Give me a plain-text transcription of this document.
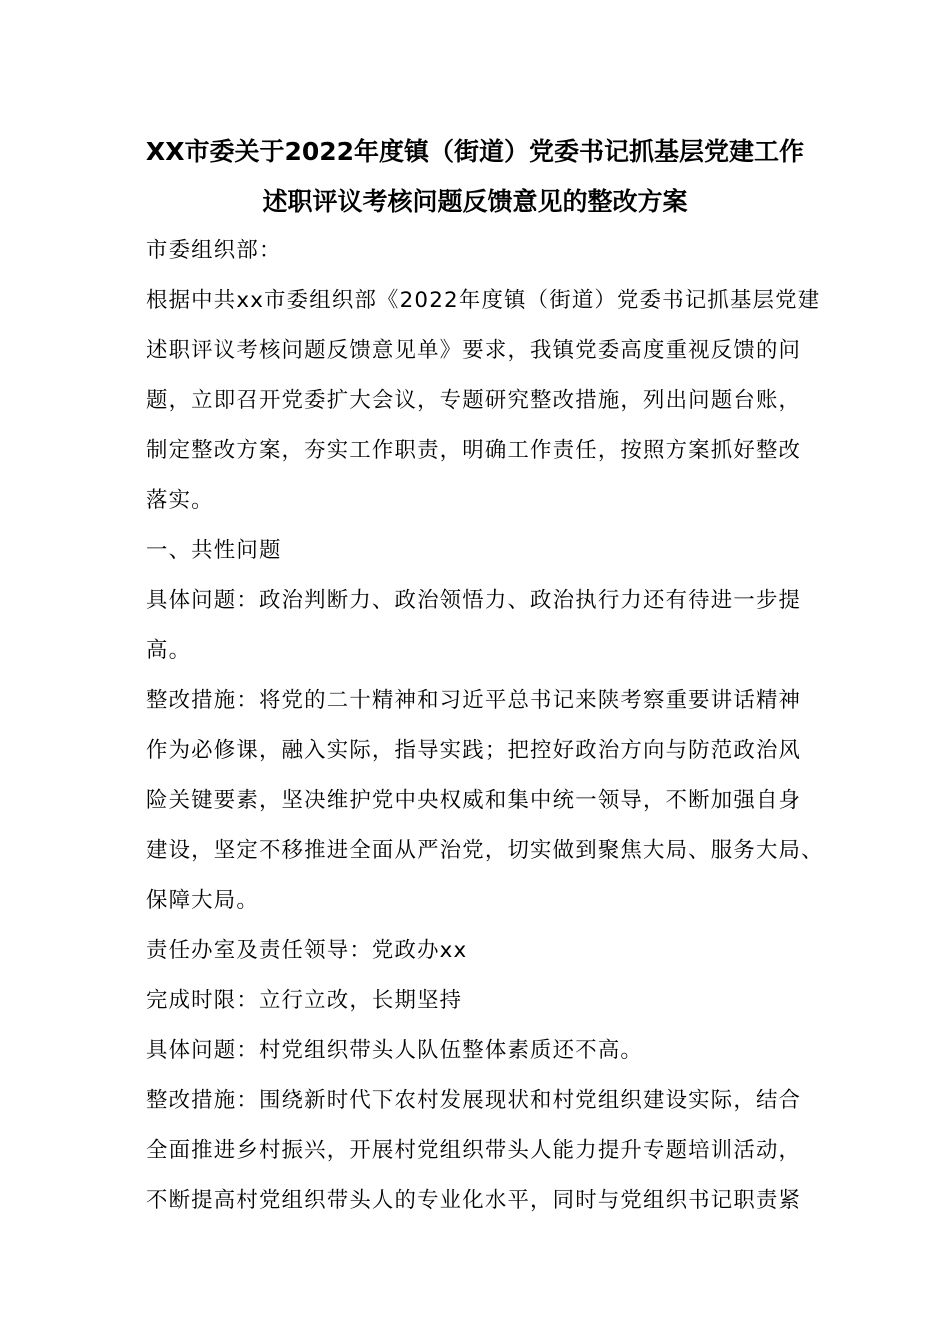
XX市委关于2022年度镇（街道）党委书记抓基层党建工作
述职评议考核问题反馈意见的整改方案
市委组织部：
根据中共xx市委组织部《2022年度镇（街道）党委书记抓基层党建
述职评议考核问题反馈意见单》要求，我镇党委高度重视反馈的问
题，立即召开党委扩大会议，专题研究整改措施，列出问题台账，
制定整改方案，夯实工作职责，明确工作责任，按照方案抓好整改
落实。
一、共性问题
具体问题：政治判断力、政治领悟力、政治执行力还有待进一步提
高。
整改措施：将党的二十精神和习近平总书记来陕考察重要讲话精神
作为必修课，融入实际，指导实践；把控好政治方向与防范政治风
险关键要素，坚决维护党中央权威和集中统一领导，不断加强自身
建设，坚定不移推进全面从严治党，切实做到聚焦大局、服务大局、
保障大局。
责任办室及责任领导：党政办xx
完成时限：立行立改，长期坚持
具体问题：村党组织带头人队伍整体素质还不高。
整改措施：围绕新时代下农村发展现状和村党组织建设实际，结合
全面推进乡村振兴，开展村党组织带头人能力提升专题培训活动，
不断提高村党组织带头人的专业化水平，同时与党组织书记职责紧
